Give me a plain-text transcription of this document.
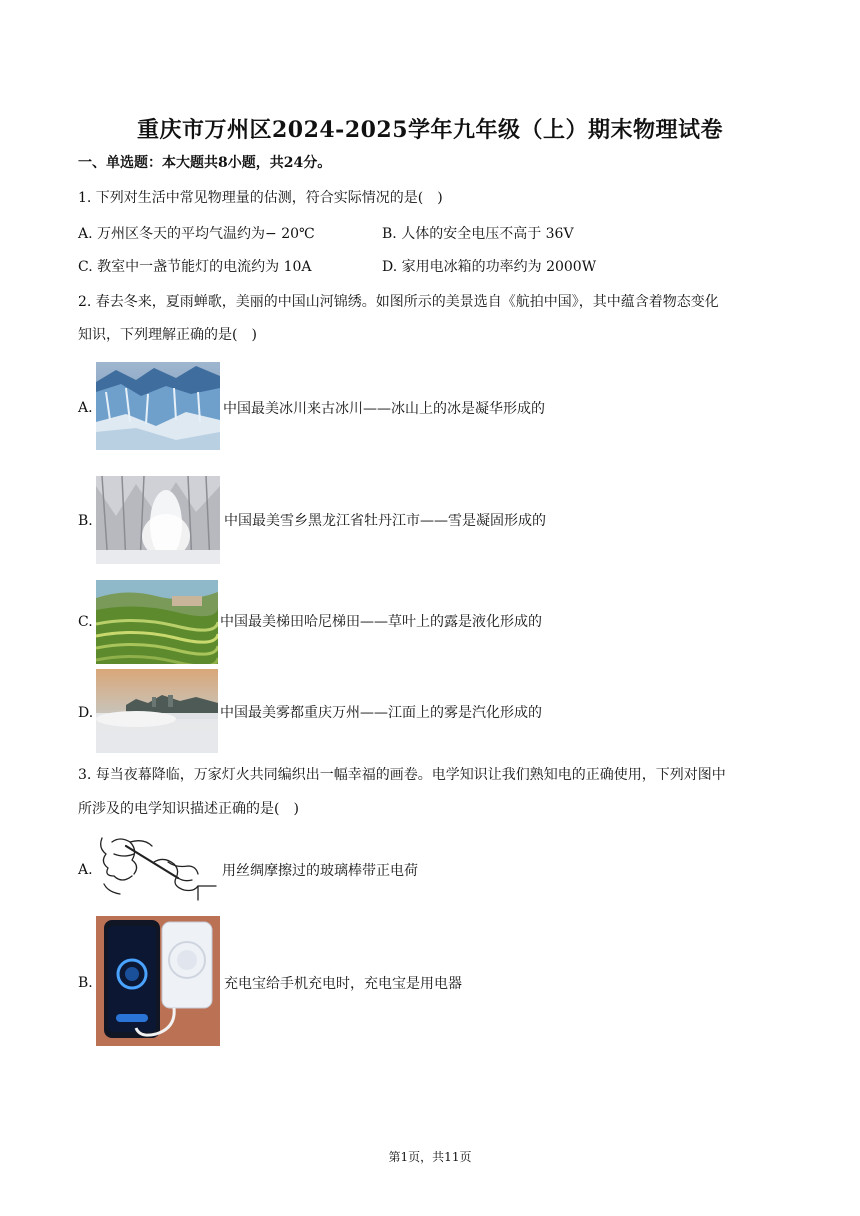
重庆市万州区2024-2025学年九年级（上）期末物理试卷
一、单选题：本大题共8小题，共24分。
1. 下列对生活中常见物理量的估测，符合实际情况的是(　)
A. 万州区冬天的平均气温约为− 20℃	B. 人体的安全电压不高于 36V
C. 教室中一盏节能灯的电流约为 10A	D. 家用电冰箱的功率约为 2000W
2. 春去冬来，夏雨蝉歌，美丽的中国山河锦绣。如图所示的美景选自《航拍中国》，其中蕴含着物态变化
知识，下列理解正确的是(　)
A.	中国最美冰川来古冰川——冰山上的冰是凝华形成的
B.	中国最美雪乡黑龙江省牡丹江市——雪是凝固形成的
C.	中国最美梯田哈尼梯田——草叶上的露是液化形成的
D.	中国最美雾都重庆万州——江面上的雾是汽化形成的
3. 每当夜幕降临，万家灯火共同编织出一幅幸福的画卷。电学知识让我们熟知电的正确使用，下列对图中
所涉及的电学知识描述正确的是(　)
A.	用丝绸摩擦过的玻璃棒带正电荷
B.	充电宝给手机充电时，充电宝是用电器
第1页，共11页
